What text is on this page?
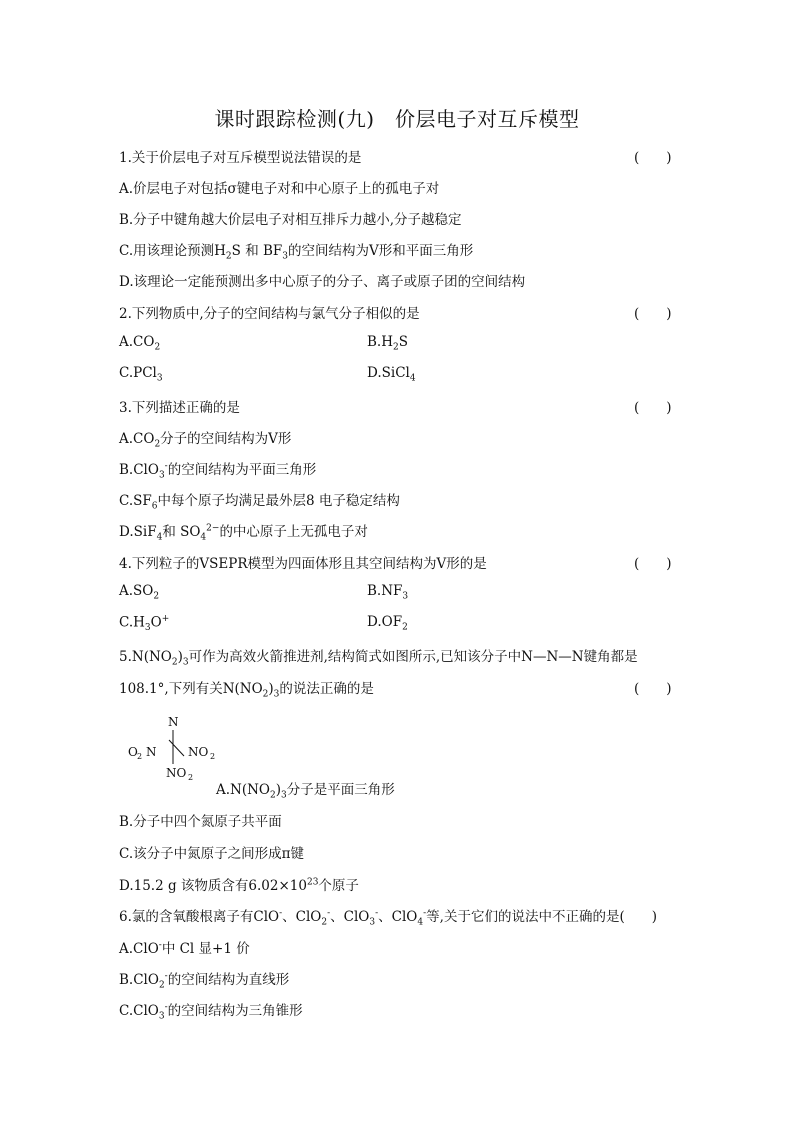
课时跟踪检测(九)　价层电子对互斥模型
1.关于价层电子对互斥模型说法错误的是	(　　)
A.价层电子对包括σ键电子对和中心原子上的孤电子对
B.分子中键角越大价层电子对相互排斥力越小,分子越稳定
C.用该理论预测$H_2S$ 和 $BF_3$的空间结构为V形和平面三角形
D.该理论一定能预测出多中心原子的分子、离子或原子团的空间结构
2.下列物质中,分子的空间结构与氯气分子相似的是	(　　)
$A.CO_2$	$B.H_2S$
C.PCl$_3$	D.SiCl$_4$
3.下列描述正确的是	(　　)
$A.CO_2$分子的空间结构为V形
B.ClO$_3$-的空间结构为平面三角形
$C.SF_6$中每个原子均满足最外层8 电子稳定结构
D.SiF$_4$和 $SO_4^{2-}$的中心原子上无孤电子对
4.下列粒子的VSEPR模型为四面体形且其空间结构为V形的是	(　　)
$A.SO_2$	$B.NF_3$
$C.H_3O^+$	$D.OF_2$
$5.N(NO_2)_3$可作为高效火箭推进剂,结构简式如图所示,已知该分子中N—N—N键角都是
108.1°,下列有关$N(NO_2)_3$的说法正确的是	(　　)
N
O 2 N	NO 2
NO 2
$A.N(NO_2)_3$分子是平面三角形
B.分子中四个氮原子共平面
C.该分子中氮原子之间形成π键
D.15.2 g 该物质含有$6.02\times 10^{23}$个原子
6.氯的含氧酸根离子有ClO-、ClO$_2$-、ClO$_3$-、ClO$_4$-等,关于它们的说法中不正确的是(　　)
A.ClO-中 Cl 显+1 价
B.ClO$_2$-的空间结构为直线形
C.ClO$_3$-的空间结构为三角锥形
